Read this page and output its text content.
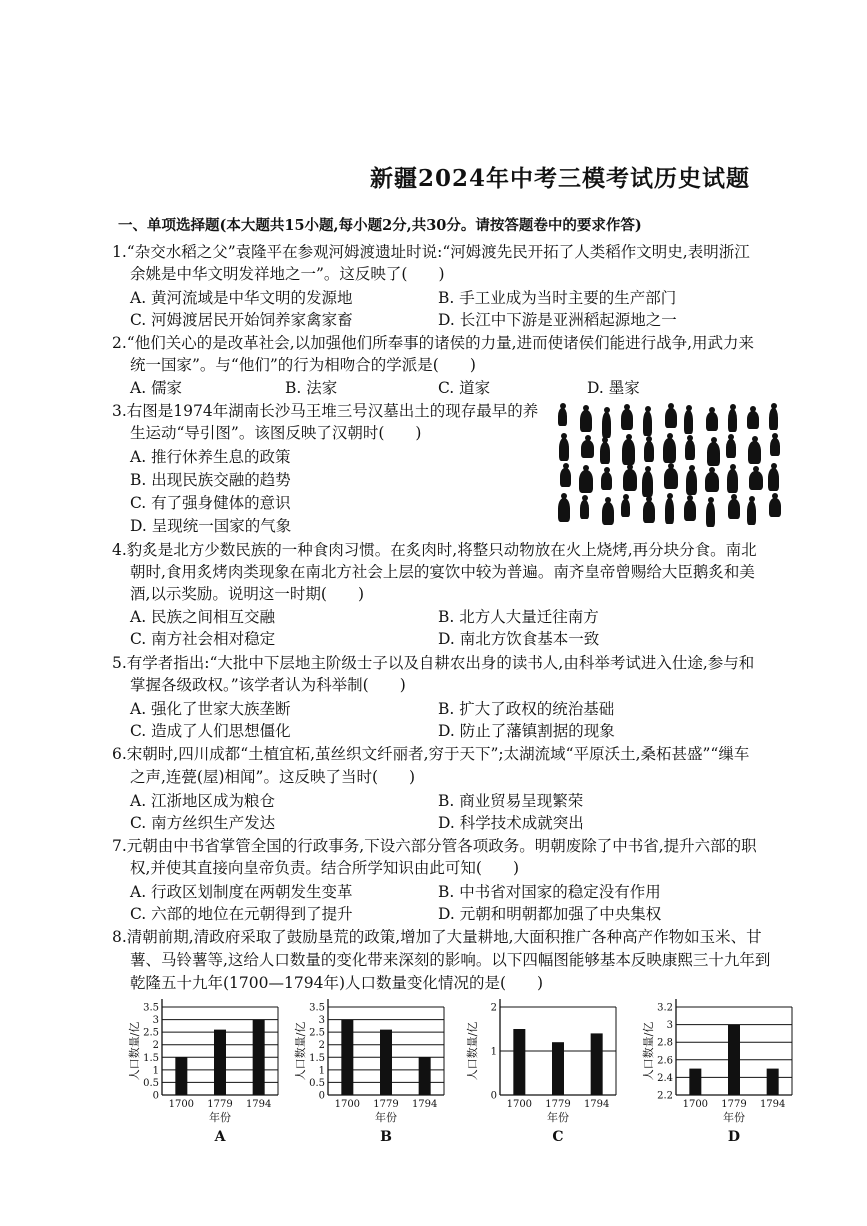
新疆2024年中考三模考试历史试题
一、单项选择题(本大题共15小题,每小题2分,共30分。请按答题卷中的要求作答)
1.“杂交水稻之父”袁隆平在参观河姆渡遗址时说:“河姆渡先民开拓了人类稻作文明史,表明浙江
余姚是中华文明发祥地之一”。这反映了(　　)
A. 黄河流域是中华文明的发源地	B. 手工业成为当时主要的生产部门
C. 河姆渡居民开始饲养家禽家畜	D. 长江中下游是亚洲稻起源地之一
2.“他们关心的是改革社会,以加强他们所奉事的诸侯的力量,进而使诸侯们能进行战争,用武力来
统一国家”。与“他们”的行为相吻合的学派是(　　)
A. 儒家	B. 法家	C. 道家	D. 墨家
3.右图是1974年湖南长沙马王堆三号汉墓出土的现存最早的养
生运动“导引图”。该图反映了汉朝时(　　)
A. 推行休养生息的政策
B. 出现民族交融的趋势
C. 有了强身健体的意识
D. 呈现统一国家的气象
4.豹炙是北方少数民族的一种食肉习惯。在炙肉时,将整只动物放在火上烧烤,再分块分食。南北
朝时,食用炙烤肉类现象在南北方社会上层的宴饮中较为普遍。南齐皇帝曾赐给大臣鹅炙和美
酒,以示奖励。说明这一时期(　　)
A. 民族之间相互交融	B. 北方人大量迁往南方
C. 南方社会相对稳定	D. 南北方饮食基本一致
5.有学者指出:“大批中下层地主阶级士子以及自耕农出身的读书人,由科举考试进入仕途,参与和
掌握各级政权。”该学者认为科举制(　　)
A. 强化了世家大族垄断	B. 扩大了政权的统治基础
C. 造成了人们思想僵化	D. 防止了藩镇割据的现象
6.宋朝时,四川成都“土植宜柘,茧丝织文纤丽者,穷于天下”;太湖流域“平原沃土,桑柘甚盛”“缫车
之声,连甍(屋)相闻”。这反映了当时(　　)
A. 江浙地区成为粮仓	B. 商业贸易呈现繁荣
C. 南方丝织生产发达	D. 科学技术成就突出
7.元朝由中书省掌管全国的行政事务,下设六部分管各项政务。明朝废除了中书省,提升六部的职
权,并使其直接向皇帝负责。结合所学知识由此可知(　　)
A. 行政区划制度在两朝发生变革	B. 中书省对国家的稳定没有作用
C. 六部的地位在元朝得到了提升	D. 元朝和明朝都加强了中央集权
8.清朝前期,清政府采取了鼓励垦荒的政策,增加了大量耕地,大面积推广各种高产作物如玉米、甘
薯、马铃薯等,这给人口数量的变化带来深刻的影响。以下四幅图能够基本反映康熙三十九年到
乾隆五十九年(1700—1794年)人口数量变化情况的是(　　)
0
0.5
1
1.5
2
2.5
3
3.5
1700 1779 1794
人口数量/亿
年份
A
0
0.5
1
1.5
2
2.5
3
3.5
1700 1779 1794
人口数量/亿
年份
B
0
1
2
1700 1779 1794
人口数量/亿
年份
C
2.2
2.4
2.6
2.8
3
3.2
1700 1779 1794
人口数量/亿
年份
D
